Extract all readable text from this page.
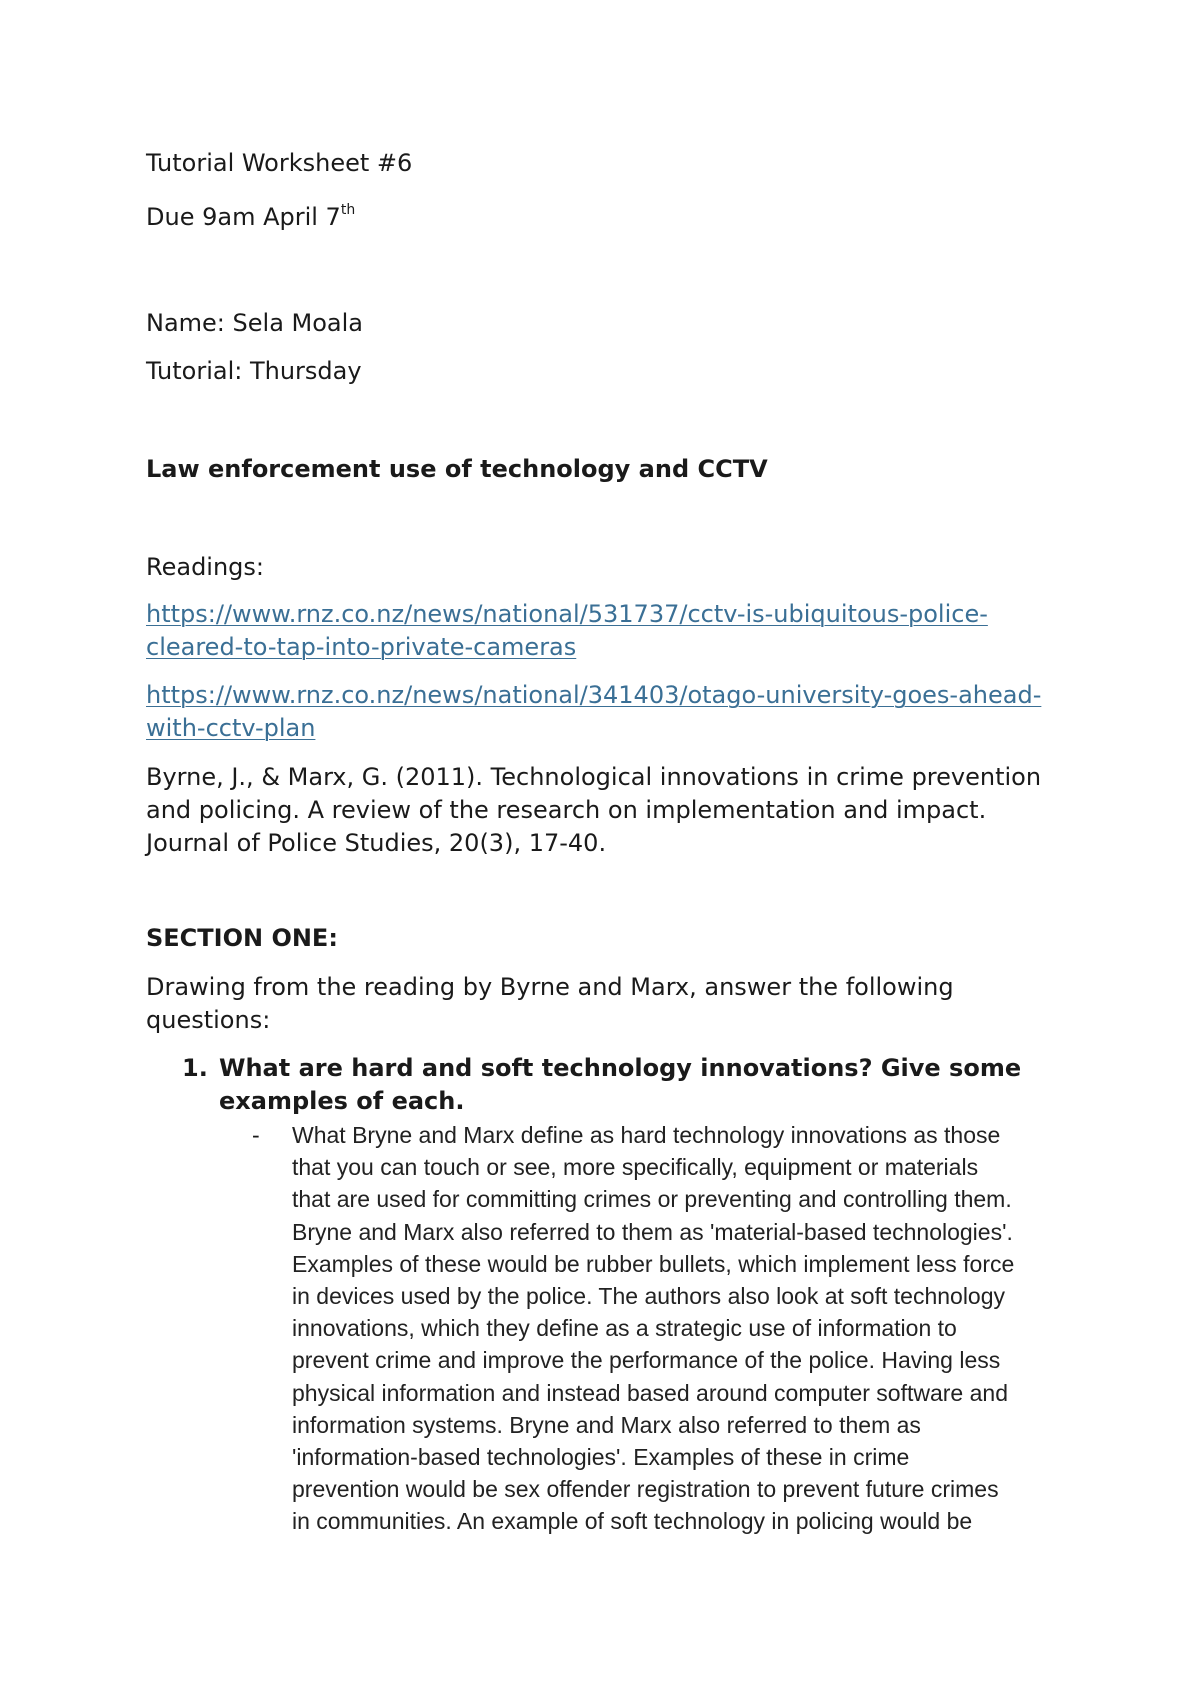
Tutorial Worksheet #6

Due 9am April 7th

Name: Sela Moala

Tutorial: Thursday

Law enforcement use of technology and CCTV

Readings:

https://www.rnz.co.nz/news/national/531737/cctv-is-ubiquitous-police-

cleared-to-tap-into-private-cameras

https://www.rnz.co.nz/news/national/341403/otago-university-goes-ahead-

with-cctv-plan

Byrne, J., & Marx, G. (2011). Technological innovations in crime prevention

and policing. A review of the research on implementation and impact.

Journal of Police Studies, 20(3), 17-40.

SECTION ONE:

Drawing from the reading by Byrne and Marx, answer the following

questions:

1. What are hard and soft technology innovations? Give some

examples of each.

- What Bryne and Marx define as hard technology innovations as those
that you can touch or see, more specifically, equipment or materials
that are used for committing crimes or preventing and controlling them.
Bryne and Marx also referred to them as 'material-based technologies'.
Examples of these would be rubber bullets, which implement less force
in devices used by the police. The authors also look at soft technology
innovations, which they define as a strategic use of information to
prevent crime and improve the performance of the police. Having less
physical information and instead based around computer software and
information systems. Bryne and Marx also referred to them as
'information-based technologies'. Examples of these in crime
prevention would be sex offender registration to prevent future crimes
in communities. An example of soft technology in policing would be
